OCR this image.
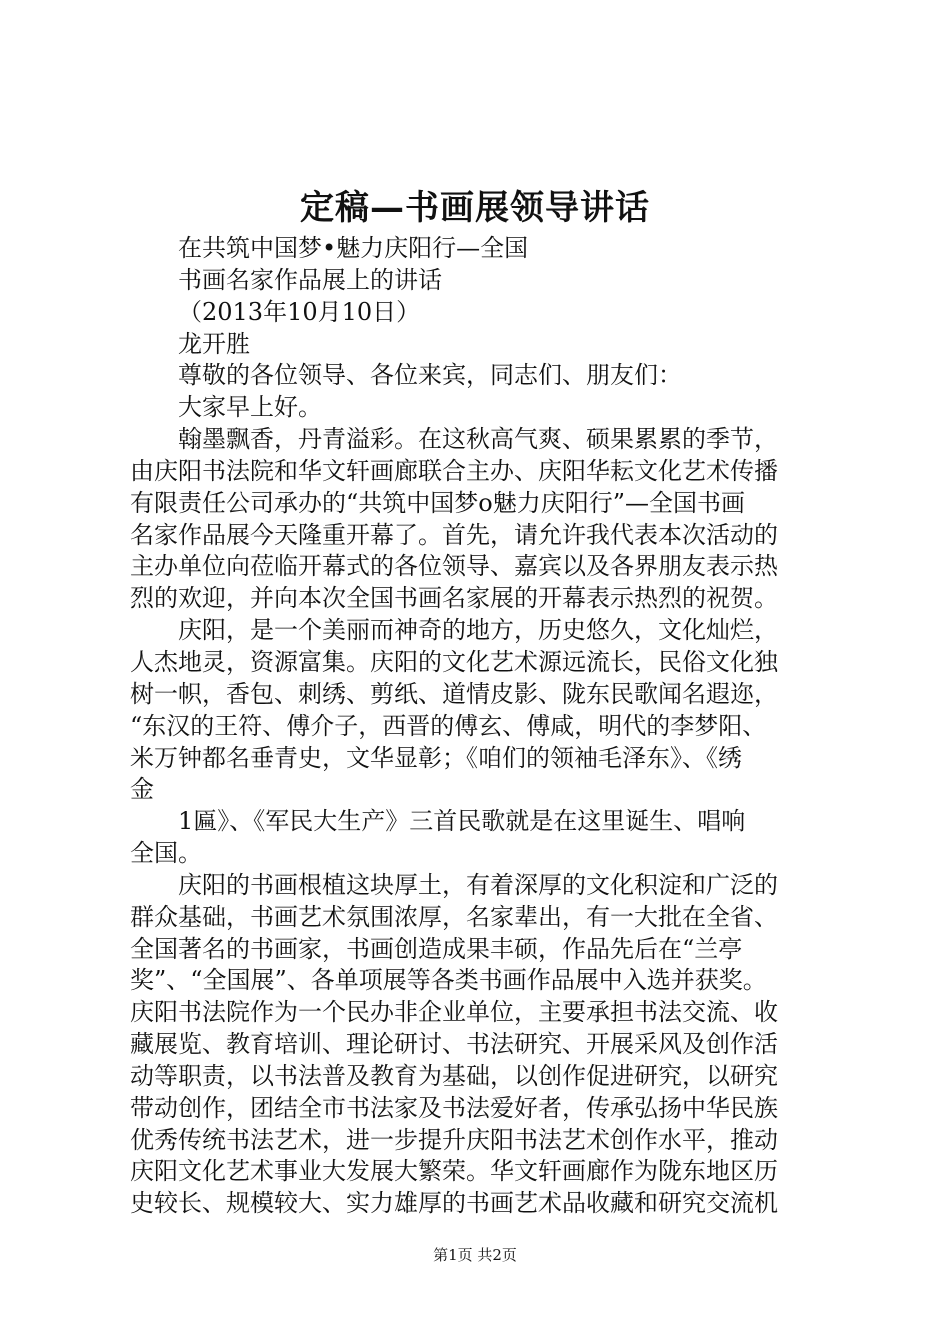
定稿—书画展领导讲话
在共筑中国梦•魅力庆阳行—全国
书画名家作品展上的讲话
（2013年10月10日）
龙开胜
尊敬的各位领导、各位来宾，同志们、朋友们：
大家早上好。
翰墨飘香，丹青溢彩。在这秋高气爽、硕果累累的季节，
由庆阳书法院和华文轩画廊联合主办、庆阳华耘文化艺术传播
有限责任公司承办的“共筑中国梦o魅力庆阳行”—全国书画
名家作品展今天隆重开幕了。首先，请允许我代表本次活动的
主办单位向莅临开幕式的各位领导、嘉宾以及各界朋友表示热
烈的欢迎，并向本次全国书画名家展的开幕表示热烈的祝贺。
庆阳，是一个美丽而神奇的地方，历史悠久，文化灿烂，
人杰地灵，资源富集。庆阳的文化艺术源远流长，民俗文化独
树一帜，香包、刺绣、剪纸、道情皮影、陇东民歌闻名遐迩，
“东汉的王符、傅介子，西晋的傅玄、傅咸，明代的李梦阳、
米万钟都名垂青史，文华显彰；《咱们的领袖毛泽东》、《绣
金
1匾》、《军民大生产》三首民歌就是在这里诞生、唱响
全国。
庆阳的书画根植这块厚土，有着深厚的文化积淀和广泛的
群众基础，书画艺术氛围浓厚，名家辈出，有一大批在全省、
全国著名的书画家，书画创造成果丰硕，作品先后在“兰亭
奖”、“全国展”、各单项展等各类书画作品展中入选并获奖。
庆阳书法院作为一个民办非企业单位，主要承担书法交流、收
藏展览、教育培训、理论研讨、书法研究、开展采风及创作活
动等职责，以书法普及教育为基础，以创作促进研究，以研究
带动创作，团结全市书法家及书法爱好者，传承弘扬中华民族
优秀传统书法艺术，进一步提升庆阳书法艺术创作水平，推动
庆阳文化艺术事业大发展大繁荣。华文轩画廊作为陇东地区历
史较长、规模较大、实力雄厚的书画艺术品收藏和研究交流机
第1页 共2页
